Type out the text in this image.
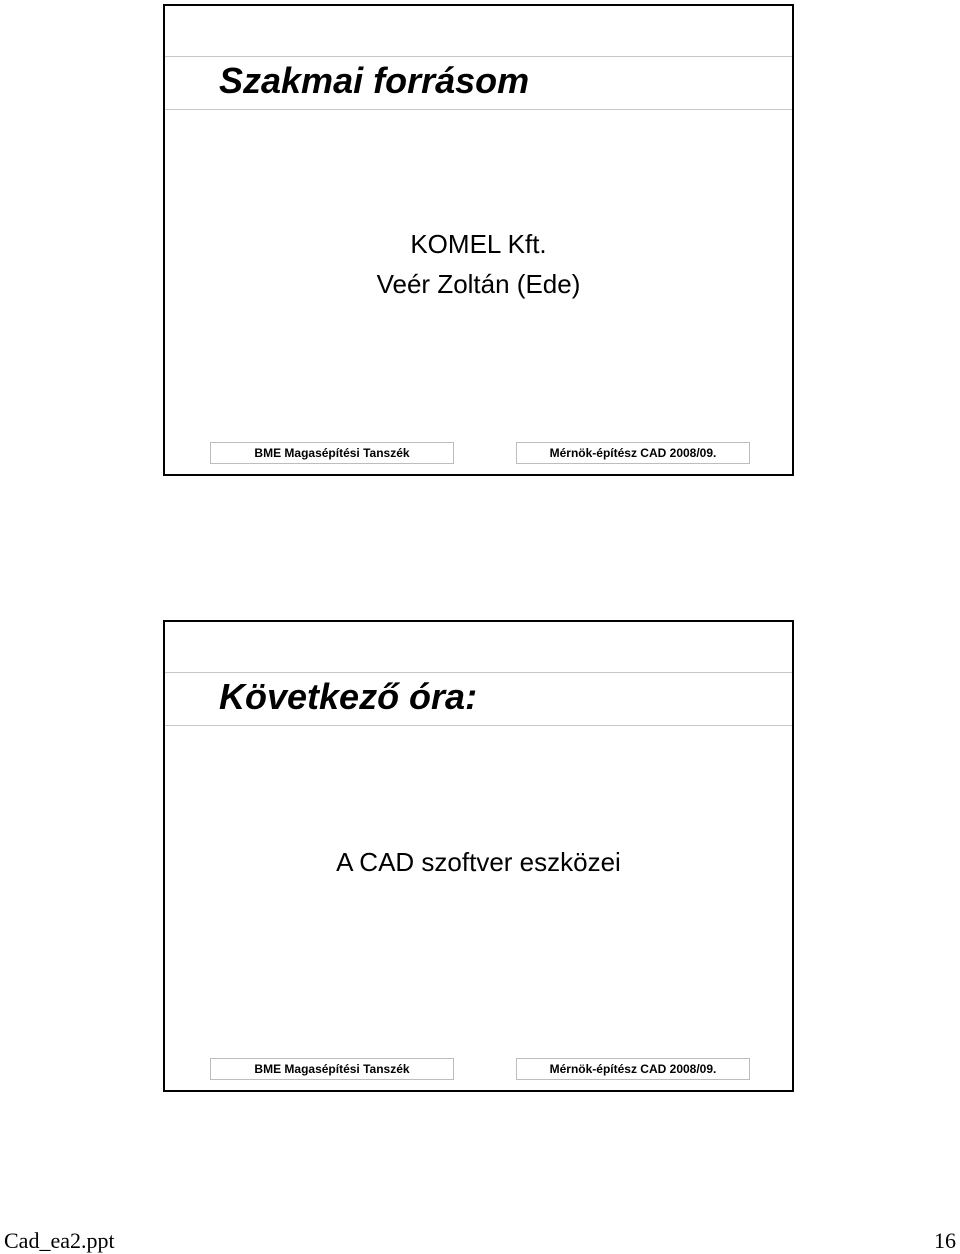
Szakmai forrásom
KOMEL Kft.
Veér Zoltán (Ede)
BME Magasépítési Tanszék	Mérnök-építész CAD 2008/09.
Következő óra:
A CAD szoftver eszközei
BME Magasépítési Tanszék	Mérnök-építész CAD 2008/09.
Cad_ea2.ppt	16
